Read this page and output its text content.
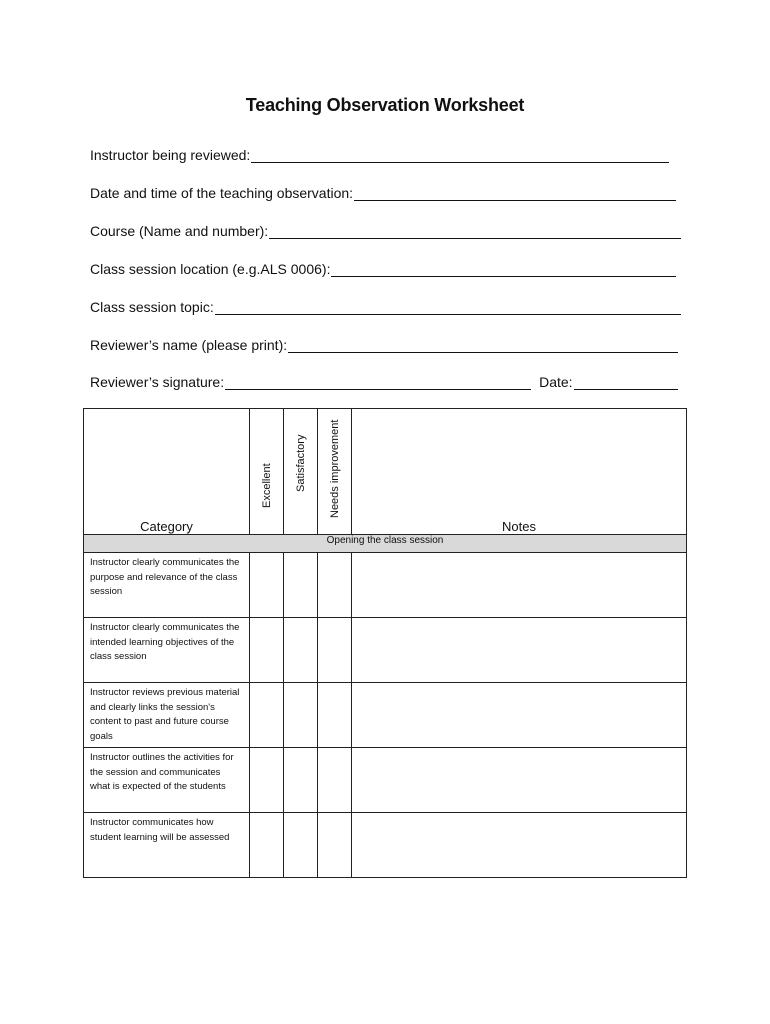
Teaching Observation Worksheet
Instructor being reviewed:
Date and time of the teaching observation:
Course (Name and number):
Class session location (e.g.ALS 0006):
Class session topic:
Reviewer’s name (please print):
Reviewer’s signature:	Date:
Category	Excellent	Satisfactory	Needs improvement	Notes
Opening the class session				

Instructor clearly communicates the purpose and relevance of the class session				

Instructor clearly communicates the intended learning objectives of the class session				

Instructor reviews previous material and clearly links the session's content to past and future course goals				

Instructor outlines the activities for the session and communicates what is expected of the students				

Instructor communicates how student learning will be assessed				
